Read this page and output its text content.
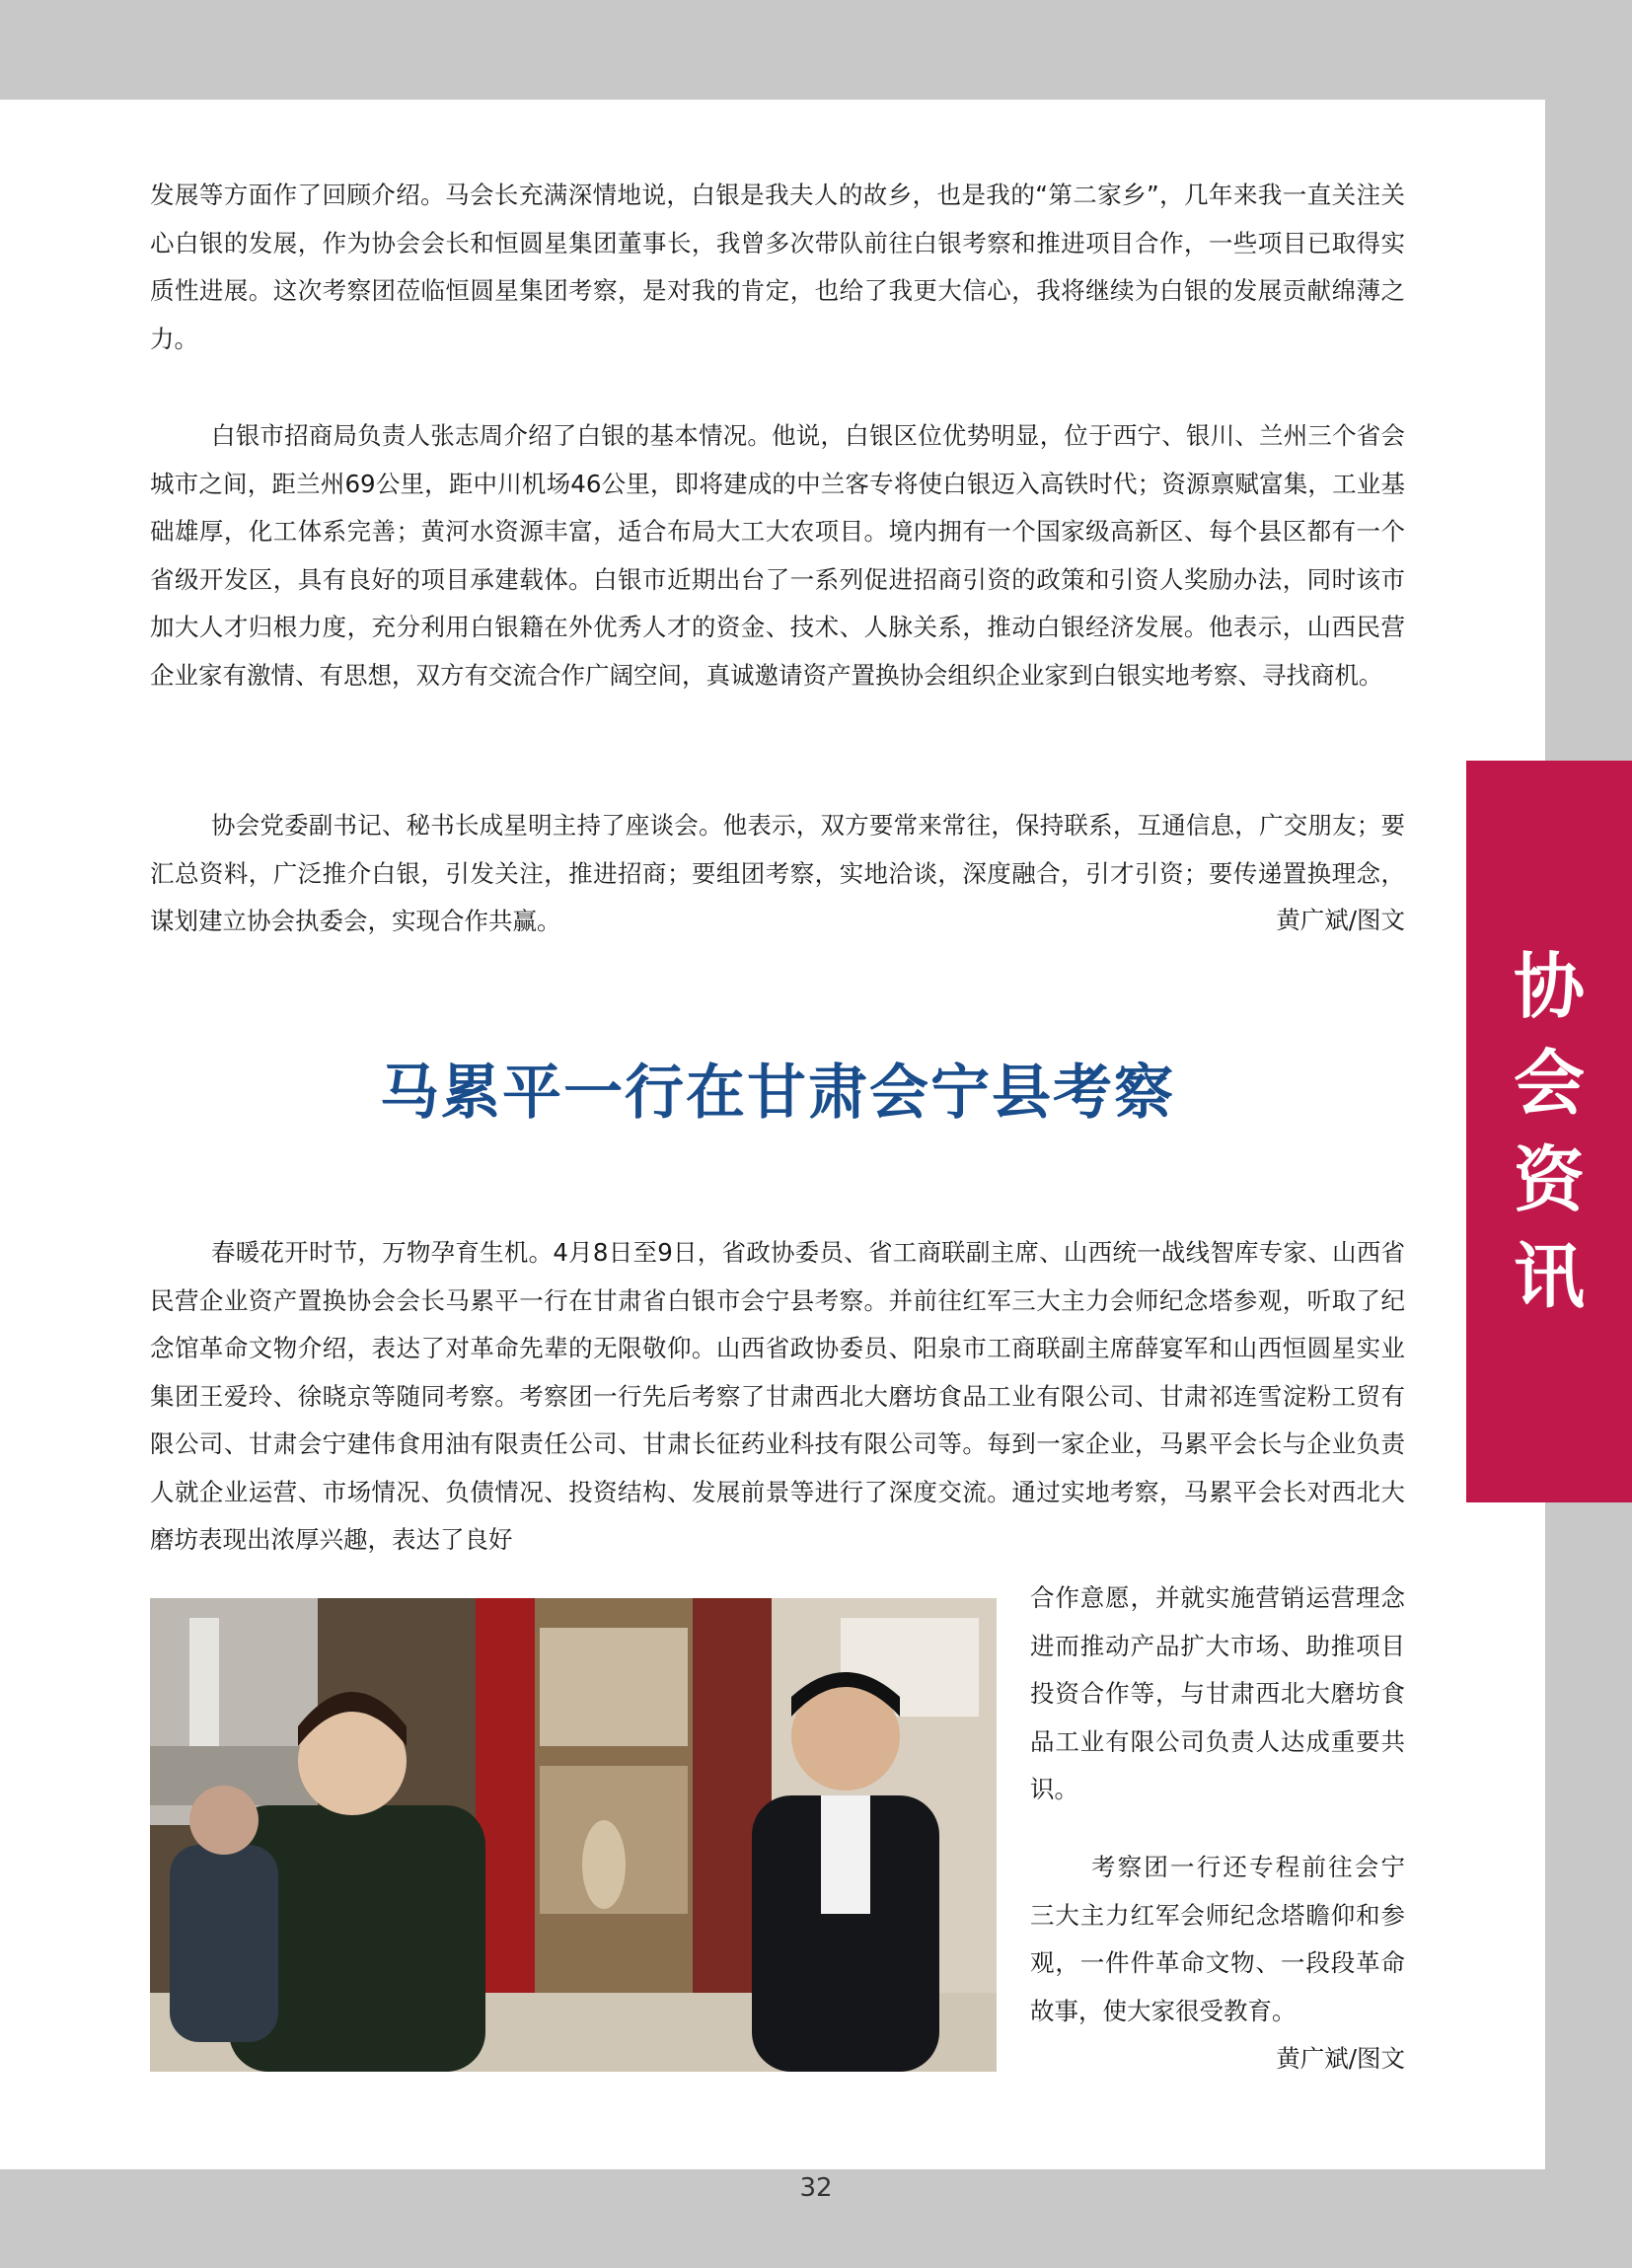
发展等方面作了回顾介绍。马会长充满深情地说，白银是我夫人的故乡，也是我的“第二家乡”，几年来我一直关注关心白银的发展，作为协会会长和恒圆星集团董事长，我曾多次带队前往白银考察和推进项目合作，一些项目已取得实质性进展。这次考察团莅临恒圆星集团考察，是对我的肯定，也给了我更大信心，我将继续为白银的发展贡献绵薄之力。

白银市招商局负责人张志周介绍了白银的基本情况。他说，白银区位优势明显，位于西宁、银川、兰州三个省会城市之间，距兰州69公里，距中川机场46公里，即将建成的中兰客专将使白银迈入高铁时代；资源禀赋富集，工业基础雄厚，化工体系完善；黄河水资源丰富，适合布局大工大农项目。境内拥有一个国家级高新区、每个县区都有一个省级开发区，具有良好的项目承建载体。白银市近期出台了一系列促进招商引资的政策和引资人奖励办法，同时该市加大人才归根力度，充分利用白银籍在外优秀人才的资金、技术、人脉关系，推动白银经济发展。他表示，山西民营企业家有激情、有思想，双方有交流合作广阔空间，真诚邀请资产置换协会组织企业家到白银实地考察、寻找商机。

协会党委副书记、秘书长成星明主持了座谈会。他表示，双方要常来常往，保持联系，互通信息，广交朋友；要汇总资料，广泛推介白银，引发关注，推进招商；要组团考察，实地洽谈，深度融合，引才引资；要传递置换理念，谋划建立协会执委会，实现合作共赢。

协
会
资
讯
马累平一行在甘肃会宁县考察

春暖花开时节，万物孕育生机。4月8日至9日，省政协委员、省工商联副主席、山西统一战线智库专家、山西省民营企业资产置换协会会长马累平一行在甘肃省白银市会宁县考察。并前往红军三大主力会师纪念塔参观，听取了纪念馆革命文物介绍，表达了对革命先辈的无限敬仰。山西省政协委员、阳泉市工商联副主席薛宴军和山西恒圆星实业集团王爱玲、徐晓京等随同考察。考察团一行先后考察了甘肃西北大磨坊食品工业有限公司、甘肃祁连雪淀粉工贸有限公司、甘肃会宁建伟食用油有限责任公司、甘肃长征药业科技有限公司等。每到一家企业，马累平会长与企业负责人就企业运营、市场情况、负债情况、投资结构、发展前景等进行了深度交流。通过实地考察，马累平会长对西北大磨坊表现出浓厚兴趣，表达了良好

合作意愿，并就实施营销运营理念进而推动产品扩大市场、助推项目投资合作等，与甘肃西北大磨坊食品工业有限公司负责人达成重要共识。

考察团一行还专程前往会宁三大主力红军会师纪念塔瞻仰和参观，一件件革命文物、一段段革命故事，使大家很受教育。

黄广斌/图文
黄广斌/图文
32
